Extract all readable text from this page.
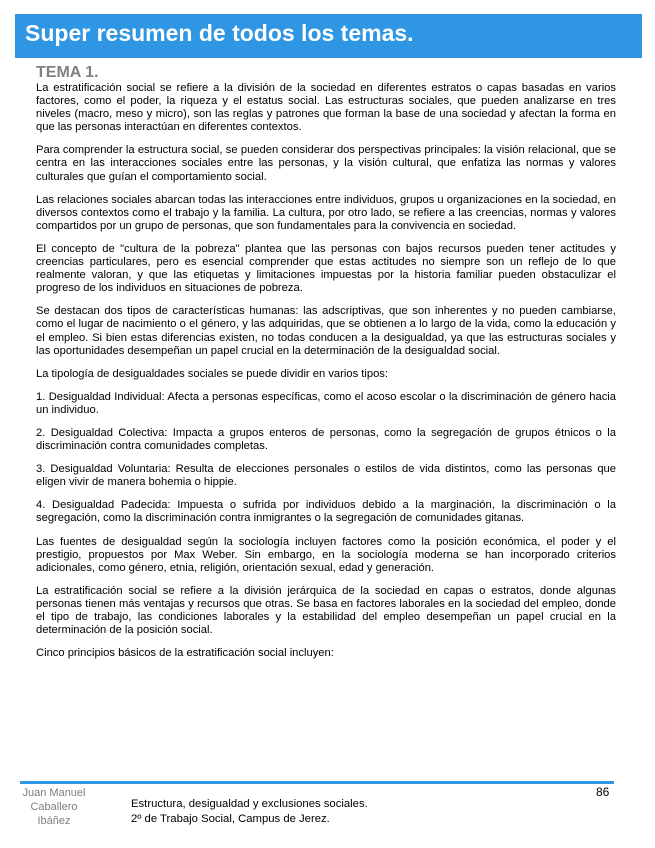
Super resumen de todos los temas.
TEMA 1.

La estratificación social se refiere a la división de la sociedad en diferentes estratos o capas basadas en varios factores, como el poder, la riqueza y el estatus social. Las estructuras sociales, que pueden analizarse en tres niveles (macro, meso y micro), son las reglas y patrones que forman la base de una sociedad y afectan la forma en que las personas interactúan en diferentes contextos.

Para comprender la estructura social, se pueden considerar dos perspectivas principales: la visión relacional, que se centra en las interacciones sociales entre las personas, y la visión cultural, que enfatiza las normas y valores culturales que guían el comportamiento social.

Las relaciones sociales abarcan todas las interacciones entre individuos, grupos u organizaciones en la sociedad, en diversos contextos como el trabajo y la familia. La cultura, por otro lado, se refiere a las creencias, normas y valores compartidos por un grupo de personas, que son fundamentales para la convivencia en sociedad.

El concepto de "cultura de la pobreza" plantea que las personas con bajos recursos pueden tener actitudes y creencias particulares, pero es esencial comprender que estas actitudes no siempre son un reflejo de lo que realmente valoran, y que las etiquetas y limitaciones impuestas por la historia familiar pueden obstaculizar el progreso de los individuos en situaciones de pobreza.

Se destacan dos tipos de características humanas: las adscriptivas, que son inherentes y no pueden cambiarse, como el lugar de nacimiento o el género, y las adquiridas, que se obtienen a lo largo de la vida, como la educación y el empleo. Si bien estas diferencias existen, no todas conducen a la desigualdad, ya que las estructuras sociales y las oportunidades desempeñan un papel crucial en la determinación de la desigualdad social.

La tipología de desigualdades sociales se puede dividir en varios tipos:

1. Desigualdad Individual: Afecta a personas específicas, como el acoso escolar o la discriminación de género hacia un individuo.

2. Desigualdad Colectiva: Impacta a grupos enteros de personas, como la segregación de grupos étnicos o la discriminación contra comunidades completas.

3. Desigualdad Voluntaria: Resulta de elecciones personales o estilos de vida distintos, como las personas que eligen vivir de manera bohemia o hippie.

4. Desigualdad Padecida: Impuesta o sufrida por individuos debido a la marginación, la discriminación o la segregación, como la discriminación contra inmigrantes o la segregación de comunidades gitanas.

Las fuentes de desigualdad según la sociología incluyen factores como la posición económica, el poder y el prestigio, propuestos por Max Weber. Sin embargo, en la sociología moderna se han incorporado criterios adicionales, como género, etnia, religión, orientación sexual, edad y generación.

La estratificación social se refiere a la división jerárquica de la sociedad en capas o estratos, donde algunas personas tienen más ventajas y recursos que otras. Se basa en factores laborales en la sociedad del empleo, donde el tipo de trabajo, las condiciones laborales y la estabilidad del empleo desempeñan un papel crucial en la determinación de la posición social.

Cinco principios básicos de la estratificación social incluyen:

86
Juan Manuel
Caballero
Ibáñez
Estructura, desigualdad y exclusiones sociales.
2º de Trabajo Social, Campus de Jerez.
